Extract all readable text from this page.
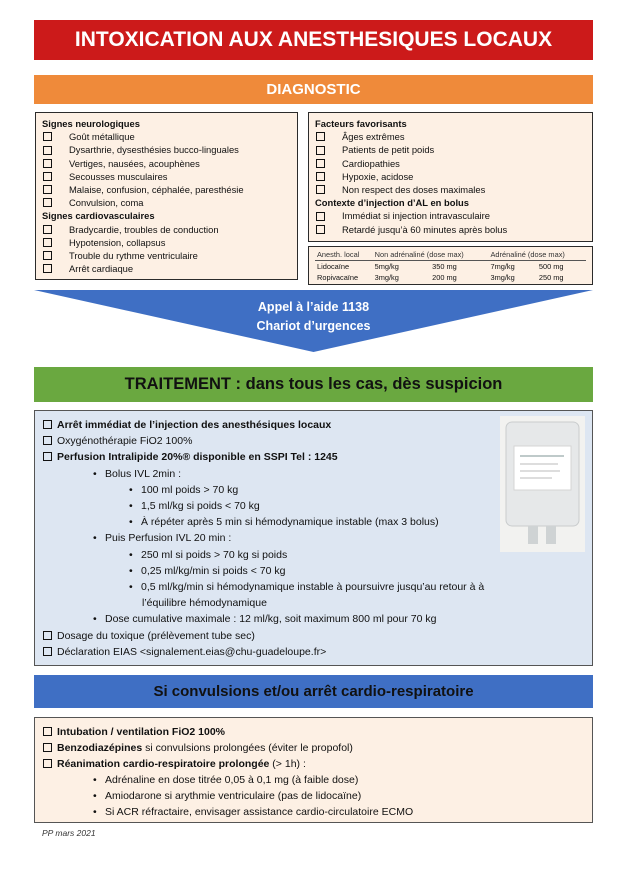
INTOXICATION AUX ANESTHESIQUES LOCAUX
DIAGNOSTIC
Signes neurologiques
Goût métallique
Dysarthrie, dysesthésies bucco-linguales
Vertiges, nausées, acouphènes
Secousses musculaires
Malaise, confusion, céphalée, paresthésie
Convulsion, coma
Signes cardiovasculaires
Bradycardie, troubles de conduction
Hypotension, collapsus
Trouble du rythme ventriculaire
Arrêt cardiaque
Facteurs favorisants
Âges extrêmes
Patients de petit poids
Cardiopathies
Hypoxie, acidose
Non respect des doses maximales
Contexte d’injection d’AL en bolus
Immédiat si injection intravasculaire
Retardé jusqu’à 60 minutes après bolus
Anesth. local	Non adrénaliné (dose max)		Adrénaliné (dose max)	
Lidocaïne	5mg/kg	350 mg	7mg/kg	500 mg
Ropivacaïne	3mg/kg	200 mg	3mg/kg	250 mg
Appel à l’aide 1138
Chariot d’urgences
TRAITEMENT : dans tous les cas, dès suspicion
Arrêt immédiat de l’injection des anesthésiques locaux
Oxygénothérapie FiO2 100%
Perfusion Intralipide 20%® disponible en SSPI Tel : 1245
• Bolus IVL 2min :
• 100 ml poids > 70 kg
• 1,5 ml/kg si poids < 70 kg
• À répéter après 5 min si hémodynamique instable (max 3 bolus)
• Puis Perfusion IVL 20 min :
• 250 ml si poids > 70 kg si poids
• 0,25 ml/kg/min si poids < 70 kg
• 0,5 ml/kg/min si hémodynamique instable à poursuivre jusqu’au retour à à
l’équilibre hémodynamique
• Dose cumulative maximale : 12 ml/kg, soit maximum 800 ml pour 70 kg
Dosage du toxique (prélèvement tube sec)
Déclaration EIAS <signalement.eias@chu-guadeloupe.fr>
Si convulsions et/ou arrêt cardio-respiratoire
Intubation / ventilation FiO2 100%
Benzodiazépines si convulsions prolongées (éviter le propofol)
Réanimation cardio-respiratoire prolongée (> 1h) :
• Adrénaline en dose titrée 0,05 à 0,1 mg (à faible dose)
• Amiodarone si arythmie ventriculaire (pas de lidocaïne)
• Si ACR réfractaire, envisager assistance cardio-circulatoire ECMO
PP mars 2021
